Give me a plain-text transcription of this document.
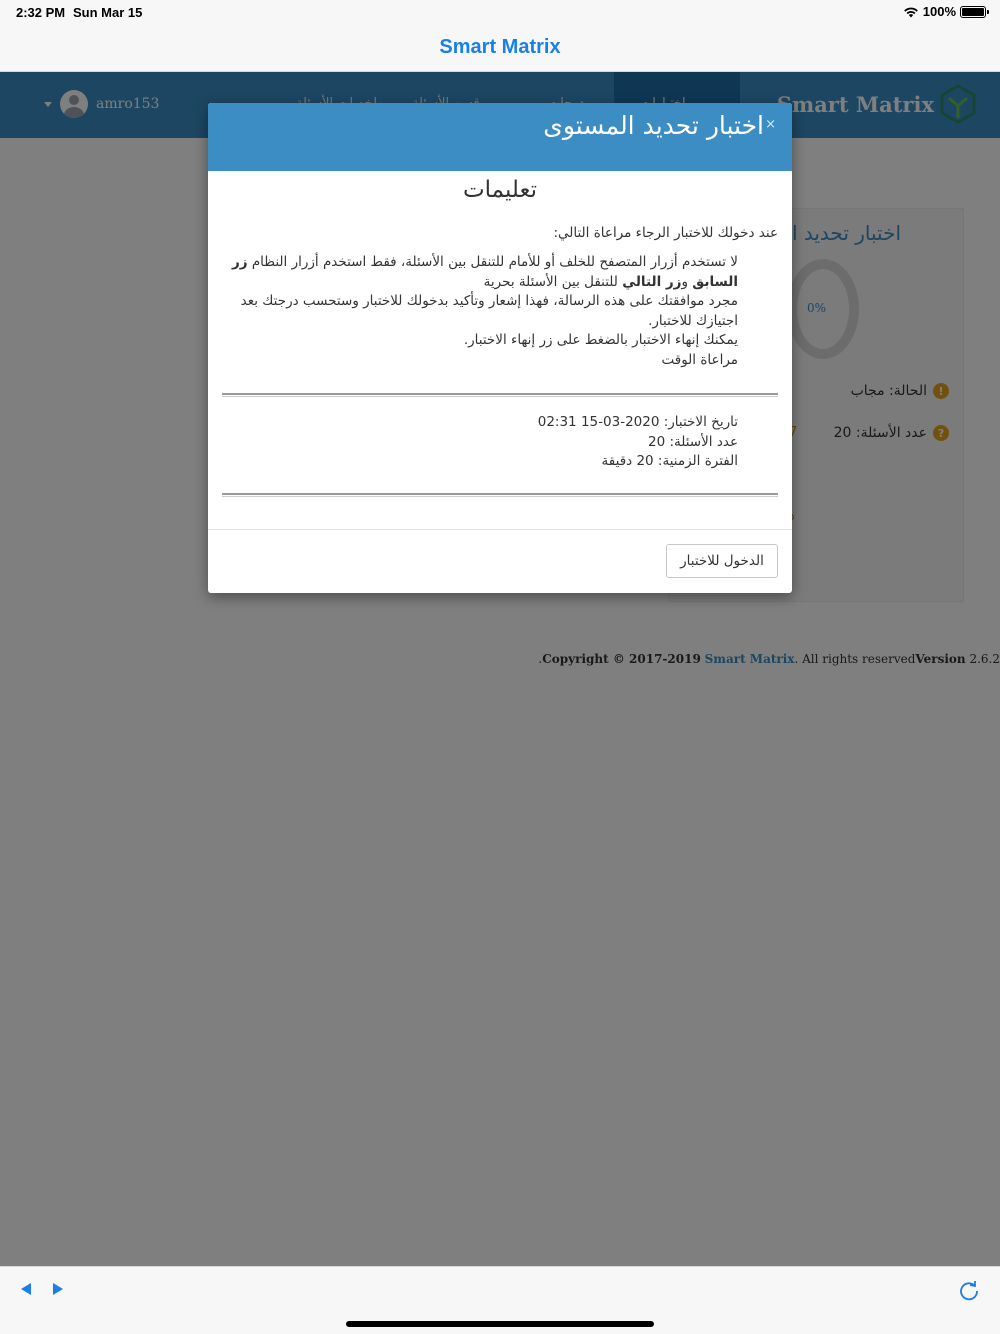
2:32 PM Sun Mar 15	100%
Smart Matrix
×
اختبار تحديد المستوى
تعليمات
عند دخولك للاختبار الرجاء مراعاة التالي:
لا تستخدم أزرار المتصفح للخلف أو للأمام للتنقل بين الأسئلة، فقط استخدم أزرار النظام زر السابق وزر التالي للتنقل بين الأسئلة بحرية
مجرد موافقتك على هذه الرسالة، فهذا إشعار وتأكيد بدخولك للاختبار وستحسب درجتك بعد اجتيازك للاختبار.
يمكنك إنهاء الاختبار بالضغط على زر إنهاء الاختبار.
مراعاة الوقت
تاريخ الاختبار: 2020-03-15 02:31
عدد الأسئلة: 20
الفترة الزمنية: 20 دقيقة
الدخول للاختبار
